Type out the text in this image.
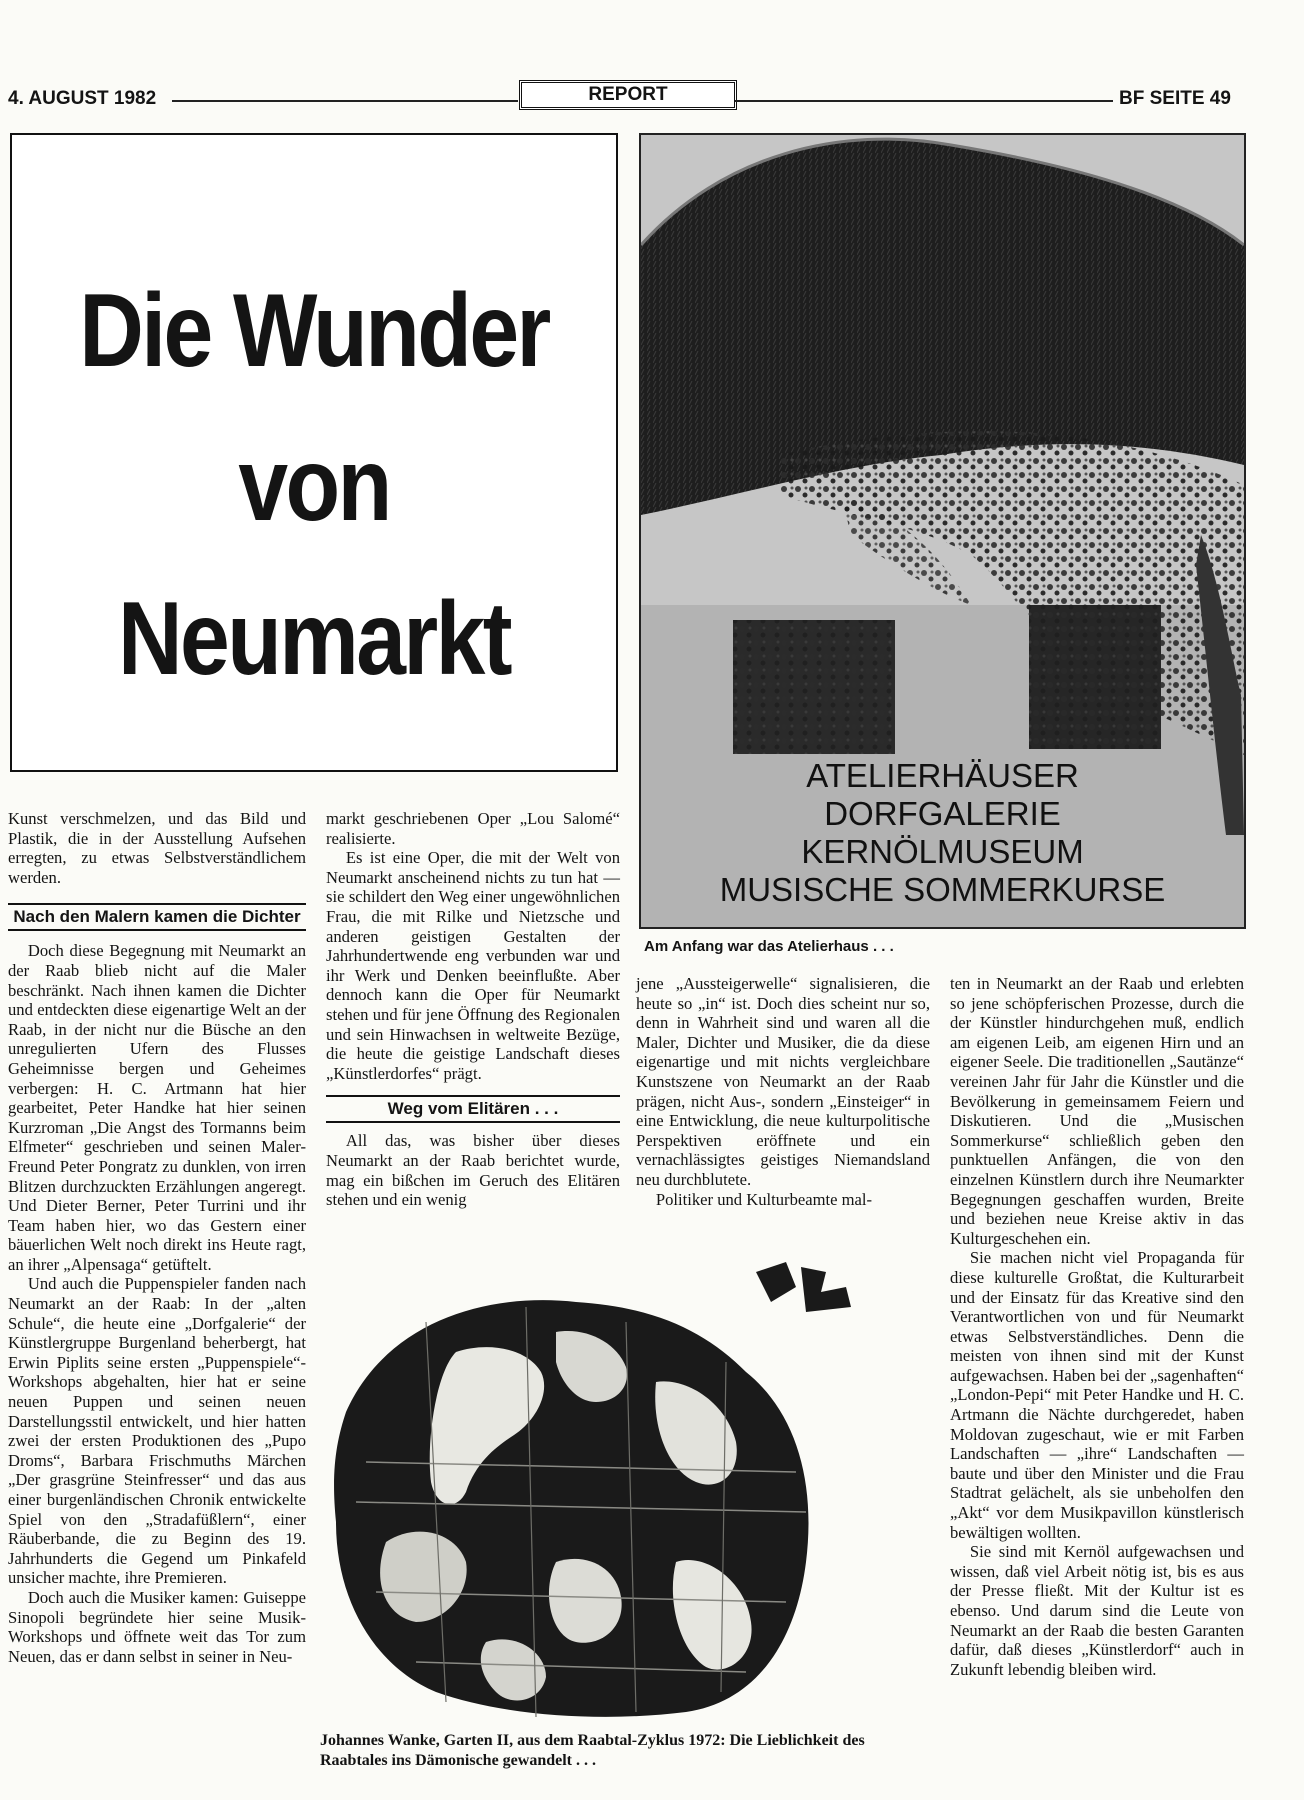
4. AUGUST 1982	REPORT	BF SEITE 49
Die Wunder
von
Neumarkt
ATELIERHÄUSER
DORFGALERIE
KERNÖLMUSEUM
MUSISCHE SOMMERKURSE
Am Anfang war das Atelierhaus . . .

Kunst verschmelzen, und das Bild und Plastik, die in der Ausstellung Aufsehen erregten, zu etwas Selbstverständlichem werden.

Nach den Malern kamen die Dichter

Doch diese Begegnung mit Neumarkt an der Raab blieb nicht auf die Maler beschränkt. Nach ihnen kamen die Dichter und entdeckten diese eigenartige Welt an der Raab, in der nicht nur die Büsche an den unregulierten Ufern des Flusses Geheimnisse bergen und Geheimes verbergen: H. C. Artmann hat hier gearbeitet, Peter Handke hat hier seinen Kurzroman „Die Angst des Tormanns beim Elfmeter“ geschrieben und seinen Maler-Freund Peter Pongratz zu dunklen, von irren Blitzen durchzuckten Erzählungen angeregt. Und Dieter Berner, Peter Turrini und ihr Team haben hier, wo das Gestern einer bäuerlichen Welt noch direkt ins Heute ragt, an ihrer „Alpensaga“ getüftelt.

Und auch die Puppenspieler fanden nach Neumarkt an der Raab: In der „alten Schule“, die heute eine „Dorfgalerie“ der Künstlergruppe Burgenland beherbergt, hat Erwin Piplits seine ersten „Puppenspiele“-Workshops abgehalten, hier hat er seine neuen Puppen und seinen neuen Darstellungsstil entwickelt, und hier hatten zwei der ersten Produktionen des „Pupo Droms“, Barbara Frischmuths Märchen „Der grasgrüne Steinfresser“ und das aus einer burgenländischen Chronik entwickelte Spiel von den „Stradafüßlern“, einer Räuberbande, die zu Beginn des 19. Jahrhunderts die Gegend um Pinkafeld unsicher machte, ihre Premieren.

Doch auch die Musiker kamen: Guiseppe Sinopoli begründete hier seine Musik-Workshops und öffnete weit das Tor zum Neuen, das er dann selbst in seiner in Neu-

markt geschriebenen Oper „Lou Salomé“ realisierte.

Es ist eine Oper, die mit der Welt von Neumarkt anscheinend nichts zu tun hat — sie schildert den Weg einer ungewöhnlichen Frau, die mit Rilke und Nietzsche und anderen geistigen Gestalten der Jahrhundertwende eng verbunden war und ihr Werk und Denken beeinflußte. Aber dennoch kann die Oper für Neumarkt stehen und für jene Öffnung des Regionalen und sein Hinwachsen in weltweite Bezüge, die heute die geistige Landschaft dieses „Künstlerdorfes“ prägt.

Weg vom Elitären . . .

All das, was bisher über dieses Neumarkt an der Raab berichtet wurde, mag ein bißchen im Geruch des Elitären stehen und ein wenig

jene „Aussteigerwelle“ signalisieren, die heute so „in“ ist. Doch dies scheint nur so, denn in Wahrheit sind und waren all die Maler, Dichter und Musiker, die da diese eigenartige und mit nichts vergleichbare Kunstszene von Neumarkt an der Raab prägen, nicht Aus-, sondern „Einsteiger“ in eine Entwicklung, die neue kulturpolitische Perspektiven eröffnete und ein vernachlässigtes geistiges Niemandsland neu durchblutete.

Politiker und Kulturbeamte mal-

ten in Neumarkt an der Raab und erlebten so jene schöpferischen Prozesse, durch die der Künstler hindurchgehen muß, endlich am eigenen Leib, am eigenen Hirn und an eigener Seele. Die traditionellen „Sautänze“ vereinen Jahr für Jahr die Künstler und die Bevölkerung in gemeinsamem Feiern und Diskutieren. Und die „Musischen Sommerkurse“ schließlich geben den punktuellen Anfängen, die von den einzelnen Künstlern durch ihre Neumarkter Begegnungen geschaffen wurden, Breite und beziehen neue Kreise aktiv in das Kulturgeschehen ein.

Sie machen nicht viel Propaganda für diese kulturelle Großtat, die Kulturarbeit und der Einsatz für das Kreative sind den Verantwortlichen von und für Neumarkt etwas Selbstverständliches. Denn die meisten von ihnen sind mit der Kunst aufgewachsen. Haben bei der „sagenhaften“ „London-Pepi“ mit Peter Handke und H. C. Artmann die Nächte durchgeredet, haben Moldovan zugeschaut, wie er mit Farben Landschaften — „ihre“ Landschaften — baute und über den Minister und die Frau Stadtrat gelächelt, als sie unbeholfen den „Akt“ vor dem Musikpavillon künstlerisch bewältigen wollten.

Sie sind mit Kernöl aufgewachsen und wissen, daß viel Arbeit nötig ist, bis es aus der Presse fließt. Mit der Kultur ist es ebenso. Und darum sind die Leute von Neumarkt an der Raab die besten Garanten dafür, daß dieses „Künstlerdorf“ auch in Zukunft lebendig bleiben wird.

Johannes Wanke, Garten II, aus dem Raabtal-Zyklus 1972: Die Lieblichkeit des Raabtales ins Dämonische gewandelt . . .
